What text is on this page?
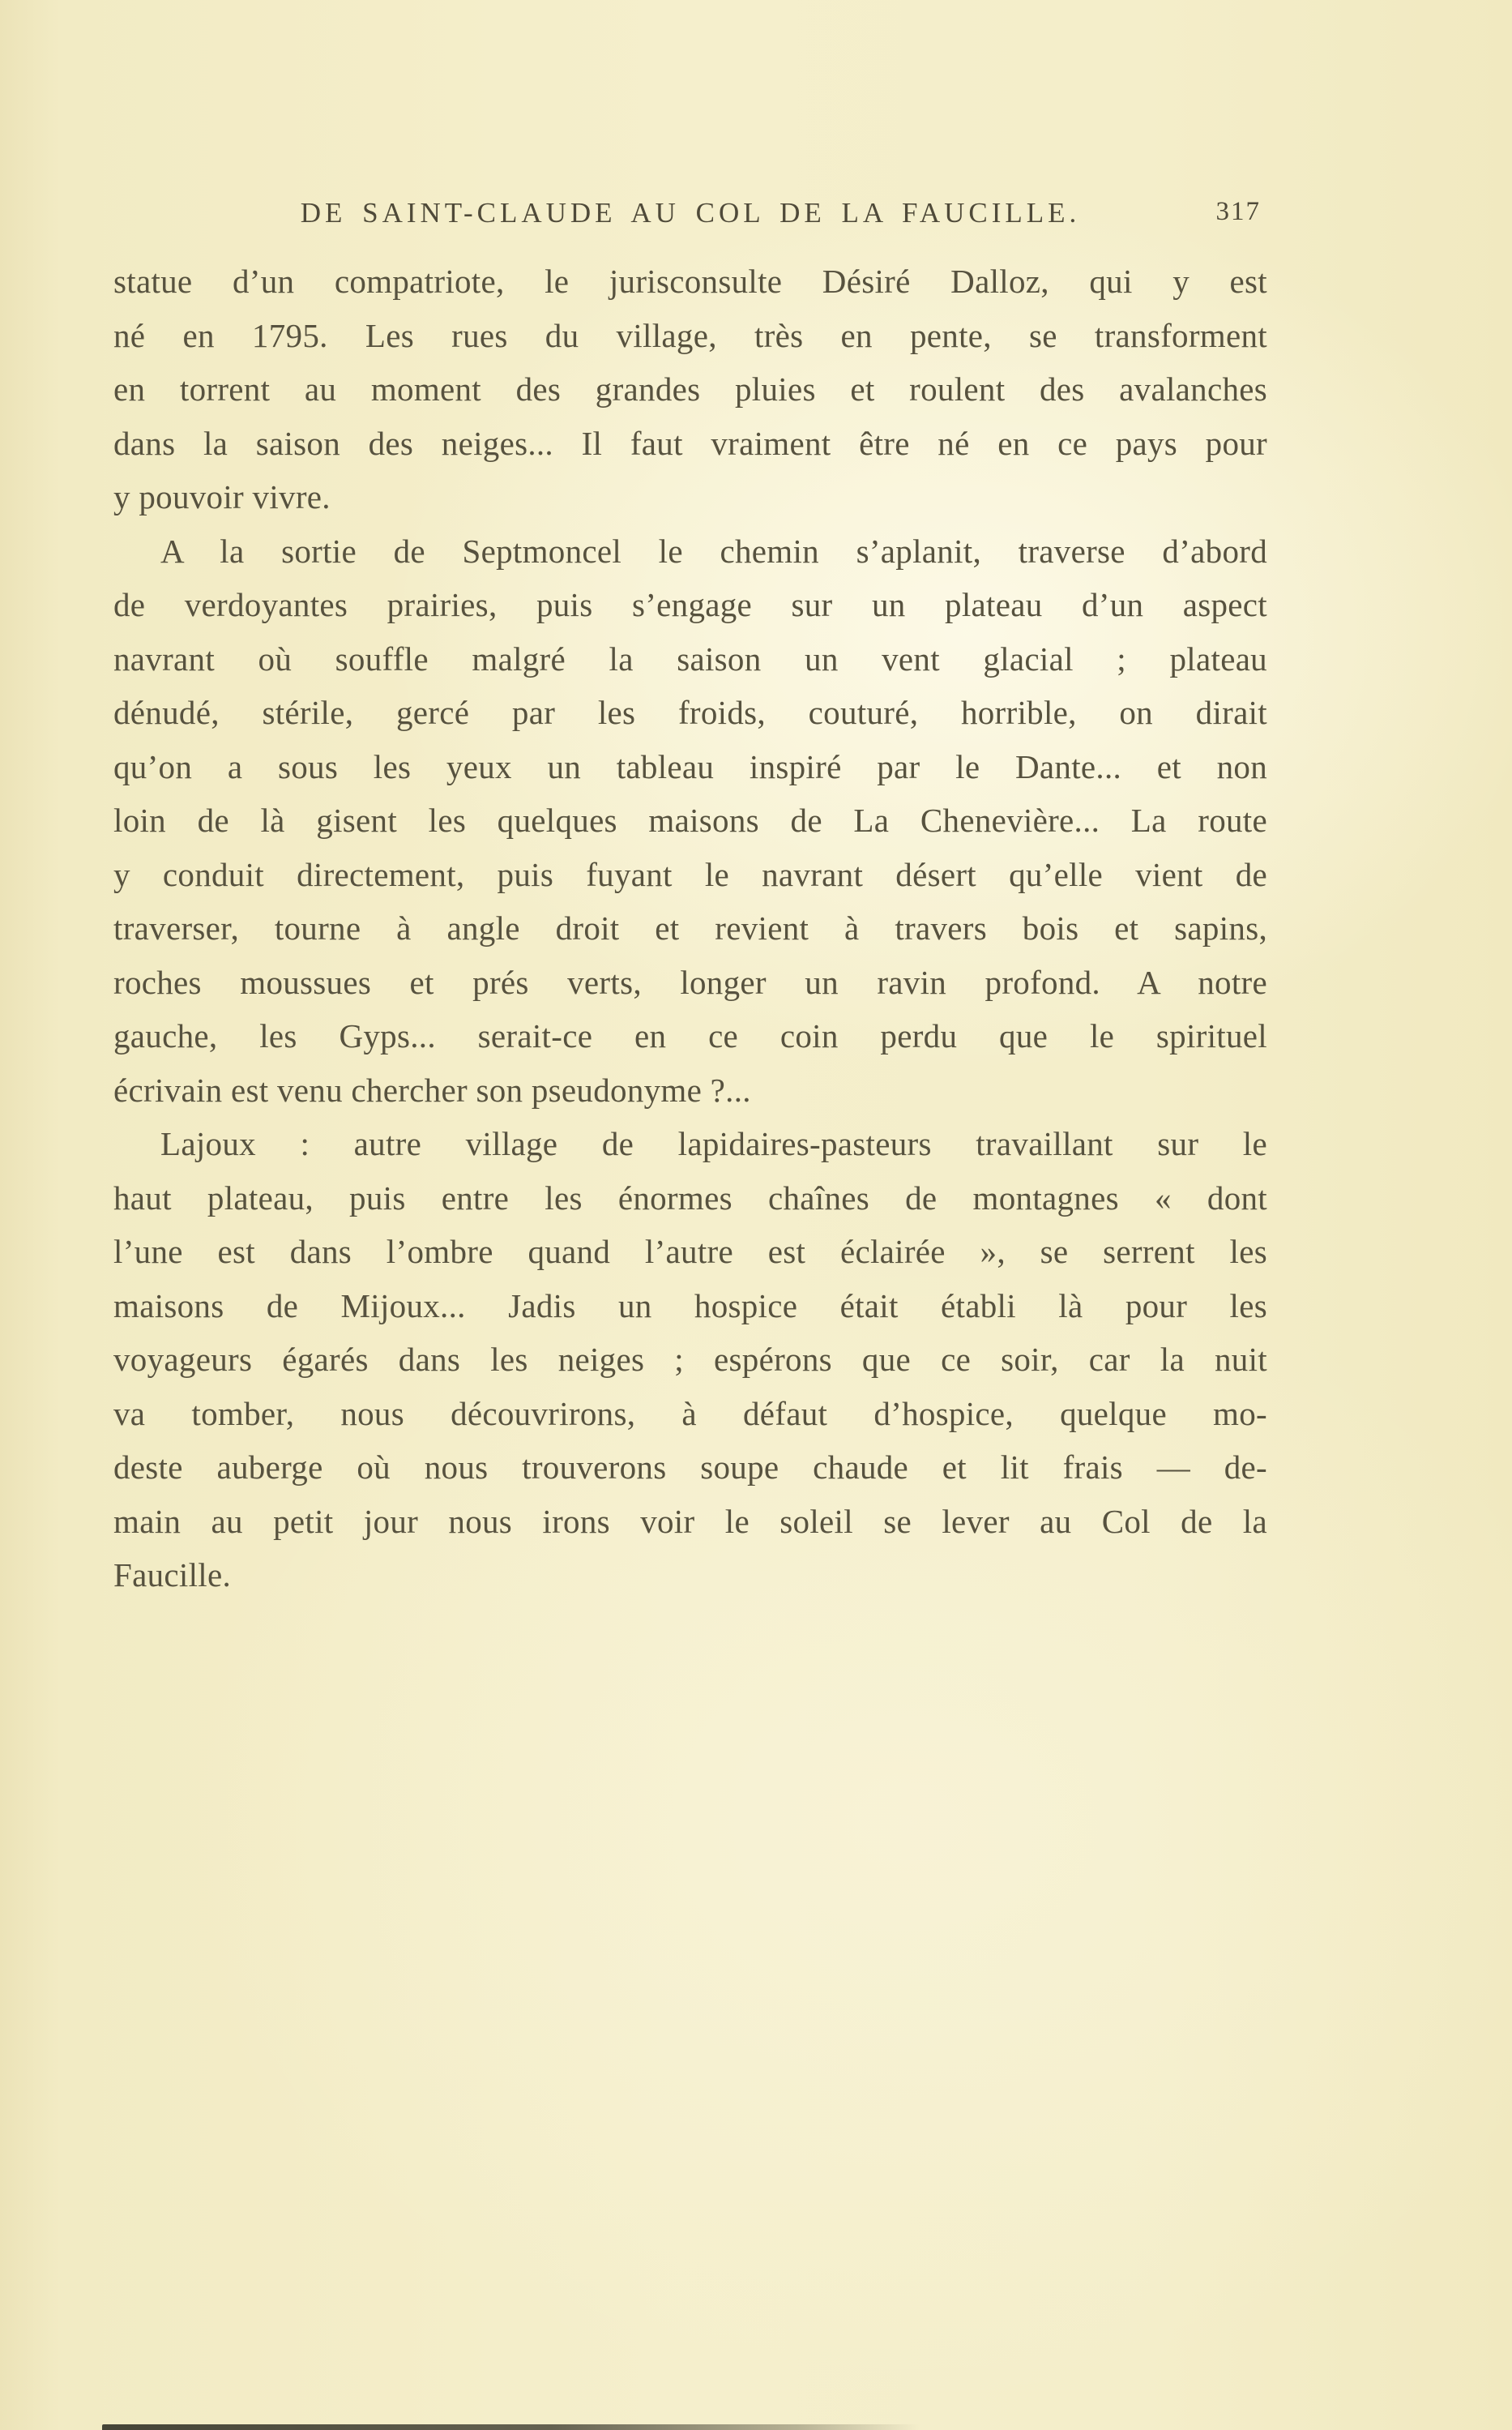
DE SAINT-CLAUDE AU COL DE LA FAUCILLE.	317
statue d’un compatriote, le jurisconsulte Désiré Dalloz, qui y est
né en 1795. Les rues du village, très en pente, se transforment
en torrent au moment des grandes pluies et roulent des avalanches
dans la saison des neiges... Il faut vraiment être né en ce pays pour
y pouvoir vivre.
A la sortie de Septmoncel le chemin s’aplanit, traverse d’abord
de verdoyantes prairies, puis s’engage sur un plateau d’un aspect
navrant où souffle malgré la saison un vent glacial ; plateau
dénudé, stérile, gercé par les froids, couturé, horrible, on dirait
qu’on a sous les yeux un tableau inspiré par le Dante... et non
loin de là gisent les quelques maisons de La Chenevière... La route
y conduit directement, puis fuyant le navrant désert qu’elle vient de
traverser, tourne à angle droit et revient à travers bois et sapins,
roches moussues et prés verts, longer un ravin profond. A notre
gauche, les Gyps... serait-ce en ce coin perdu que le spirituel
écrivain est venu chercher son pseudonyme ?...
Lajoux : autre village de lapidaires-pasteurs travaillant sur le
haut plateau, puis entre les énormes chaînes de montagnes « dont
l’une est dans l’ombre quand l’autre est éclairée », se serrent les
maisons de Mijoux... Jadis un hospice était établi là pour les
voyageurs égarés dans les neiges ; espérons que ce soir, car la nuit
va tomber, nous découvrirons, à défaut d’hospice, quelque mo-
deste auberge où nous trouverons soupe chaude et lit frais — de-
main au petit jour nous irons voir le soleil se lever au Col de la
Faucille.
